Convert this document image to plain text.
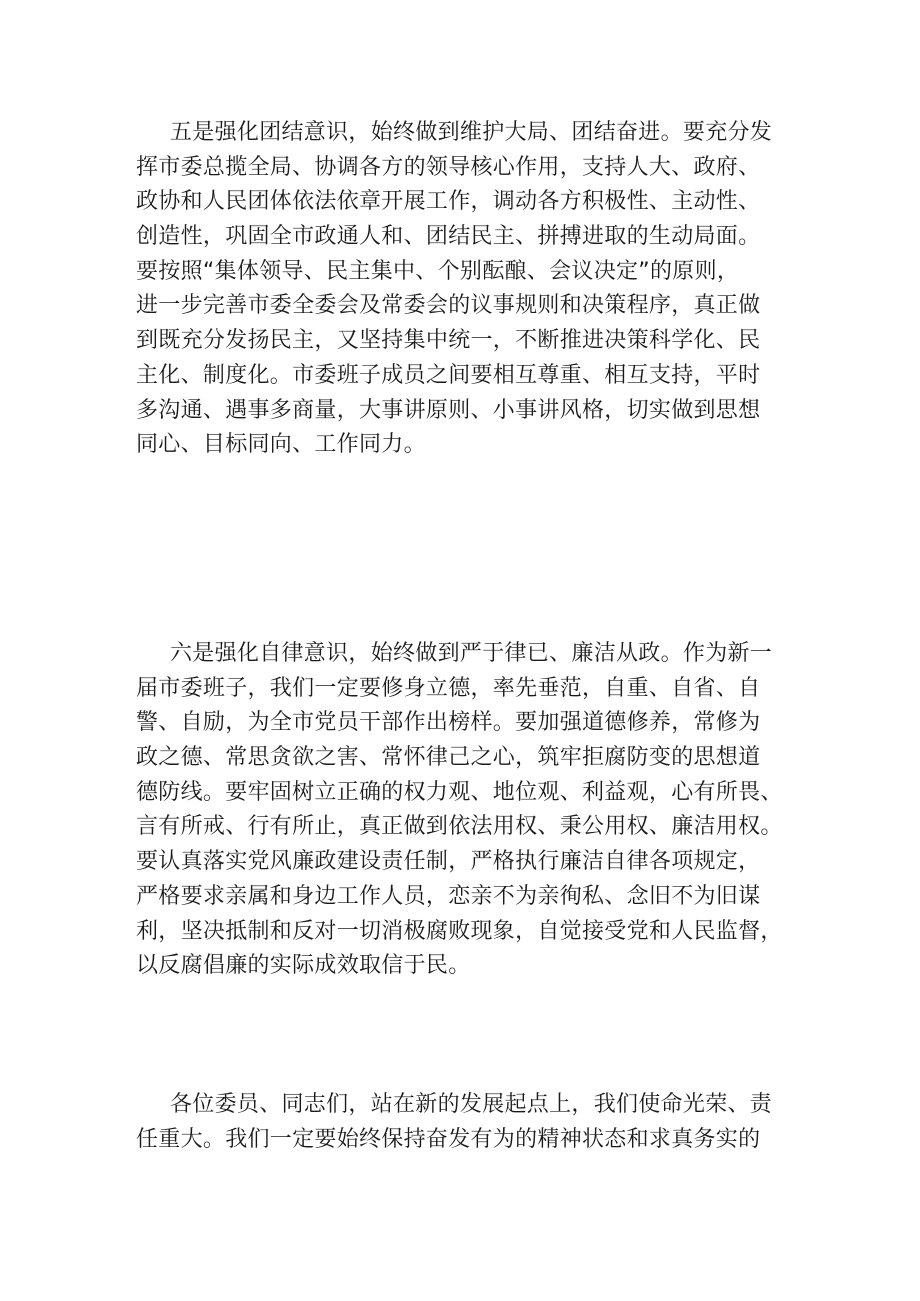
五是强化团结意识，始终做到维护大局、团结奋进。要充分发
挥市委总揽全局、协调各方的领导核心作用，支持人大、政府、
政协和人民团体依法依章开展工作，调动各方积极性、主动性、
创造性，巩固全市政通人和、团结民主、拼搏进取的生动局面。
要按照“集体领导、民主集中、个别酝酿、会议决定”的原则，
进一步完善市委全委会及常委会的议事规则和决策程序，真正做
到既充分发扬民主，又坚持集中统一，不断推进决策科学化、民
主化、制度化。市委班子成员之间要相互尊重、相互支持，平时
多沟通、遇事多商量，大事讲原则、小事讲风格，切实做到思想
同心、目标同向、工作同力。
六是强化自律意识，始终做到严于律已、廉洁从政。作为新一
届市委班子，我们一定要修身立德，率先垂范，自重、自省、自
警、自励，为全市党员干部作出榜样。要加强道德修养，常修为
政之德、常思贪欲之害、常怀律己之心，筑牢拒腐防变的思想道
德防线。要牢固树立正确的权力观、地位观、利益观，心有所畏、
言有所戒、行有所止，真正做到依法用权、秉公用权、廉洁用权。
要认真落实党风廉政建设责任制，严格执行廉洁自律各项规定，
严格要求亲属和身边工作人员，恋亲不为亲徇私、念旧不为旧谋
利，坚决抵制和反对一切消极腐败现象，自觉接受党和人民监督，
以反腐倡廉的实际成效取信于民。
各位委员、同志们，站在新的发展起点上，我们使命光荣、责
任重大。我们一定要始终保持奋发有为的精神状态和求真务实的
